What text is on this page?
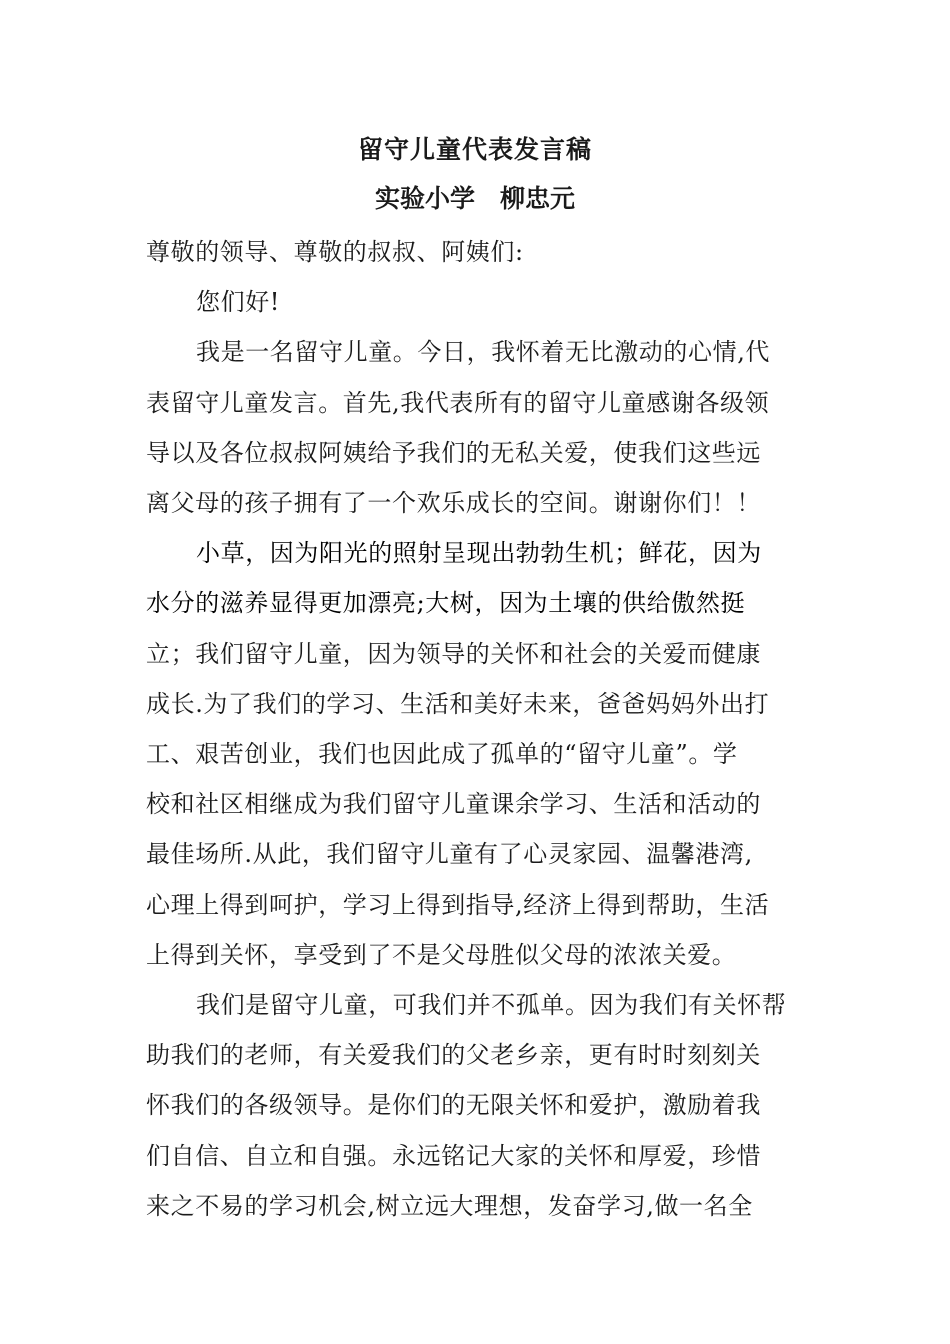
留守儿童代表发言稿
实验小学　柳忠元
尊敬的领导、尊敬的叔叔、阿姨们:
您们好!
我是一名留守儿童。今日，我怀着无比激动的心情,代
表留守儿童发言。首先,我代表所有的留守儿童感谢各级领
导以及各位叔叔阿姨给予我们的无私关爱，使我们这些远
离父母的孩子拥有了一个欢乐成长的空间。谢谢你们！！
小草，因为阳光的照射呈现出勃勃生机；鲜花，因为
水分的滋养显得更加漂亮;大树，因为土壤的供给傲然挺
立；我们留守儿童，因为领导的关怀和社会的关爱而健康
成长.为了我们的学习、生活和美好未来，爸爸妈妈外出打
工、艰苦创业，我们也因此成了孤单的“留守儿童”。学
校和社区相继成为我们留守儿童课余学习、生活和活动的
最佳场所.从此，我们留守儿童有了心灵家园、温馨港湾,
心理上得到呵护，学习上得到指导,经济上得到帮助，生活
上得到关怀，享受到了不是父母胜似父母的浓浓关爱。
我们是留守儿童，可我们并不孤单。因为我们有关怀帮
助我们的老师，有关爱我们的父老乡亲，更有时时刻刻关
怀我们的各级领导。是你们的无限关怀和爱护，激励着我
们自信、自立和自强。永远铭记大家的关怀和厚爱，珍惜
来之不易的学习机会,树立远大理想，发奋学习,做一名全
